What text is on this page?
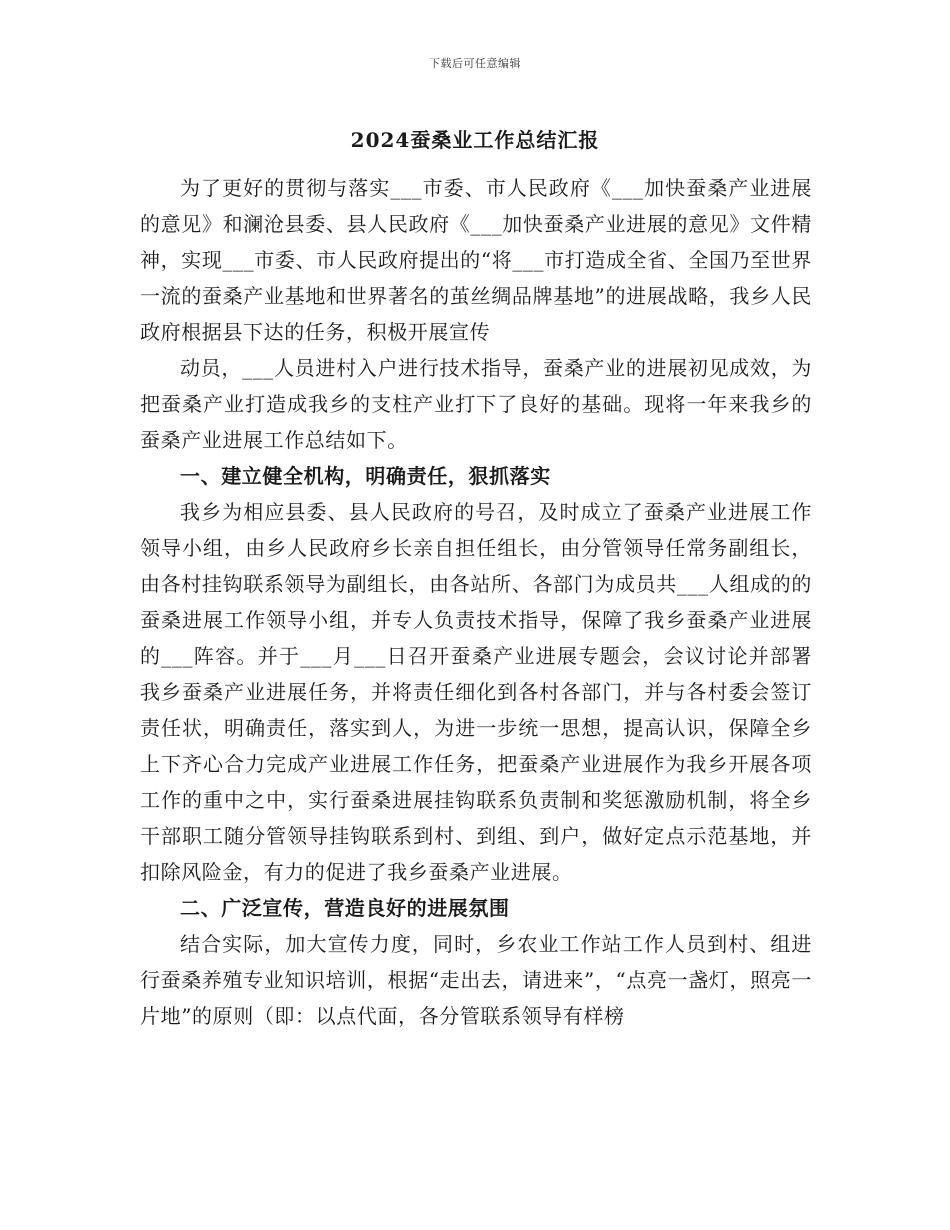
下载后可任意编辑
2024蚕桑业工作总结汇报

为了更好的贯彻与落实___市委、市人民政府《___加快蚕桑产业进展的意见》和澜沧县委、县人民政府《___加快蚕桑产业进展的意见》文件精神，实现___市委、市人民政府提出的“将___市打造成全省、全国乃至世界一流的蚕桑产业基地和世界著名的茧丝绸品牌基地”的进展战略，我乡人民政府根据县下达的任务，积极开展宣传

动员，___人员进村入户进行技术指导，蚕桑产业的进展初见成效，为把蚕桑产业打造成我乡的支柱产业打下了良好的基础。现将一年来我乡的蚕桑产业进展工作总结如下。

一、建立健全机构，明确责任，狠抓落实

我乡为相应县委、县人民政府的号召，及时成立了蚕桑产业进展工作领导小组，由乡人民政府乡长亲自担任组长，由分管领导任常务副组长，由各村挂钩联系领导为副组长，由各站所、各部门为成员共___人组成的的蚕桑进展工作领导小组，并专人负责技术指导，保障了我乡蚕桑产业进展的___阵容。并于___月___日召开蚕桑产业进展专题会，会议讨论并部署我乡蚕桑产业进展任务，并将责任细化到各村各部门，并与各村委会签订责任状，明确责任，落实到人，为进一步统一思想，提高认识，保障全乡上下齐心合力完成产业进展工作任务，把蚕桑产业进展作为我乡开展各项工作的重中之中，实行蚕桑进展挂钩联系负责制和奖惩激励机制，将全乡干部职工随分管领导挂钩联系到村、到组、到户，做好定点示范基地，并扣除风险金，有力的促进了我乡蚕桑产业进展。

二、广泛宣传，营造良好的进展氛围

结合实际，加大宣传力度，同时，乡农业工作站工作人员到村、组进行蚕桑养殖专业知识培训，根据“走出去，请进来”，“点亮一盏灯，照亮一片地”的原则（即：以点代面，各分管联系领导有样榜
